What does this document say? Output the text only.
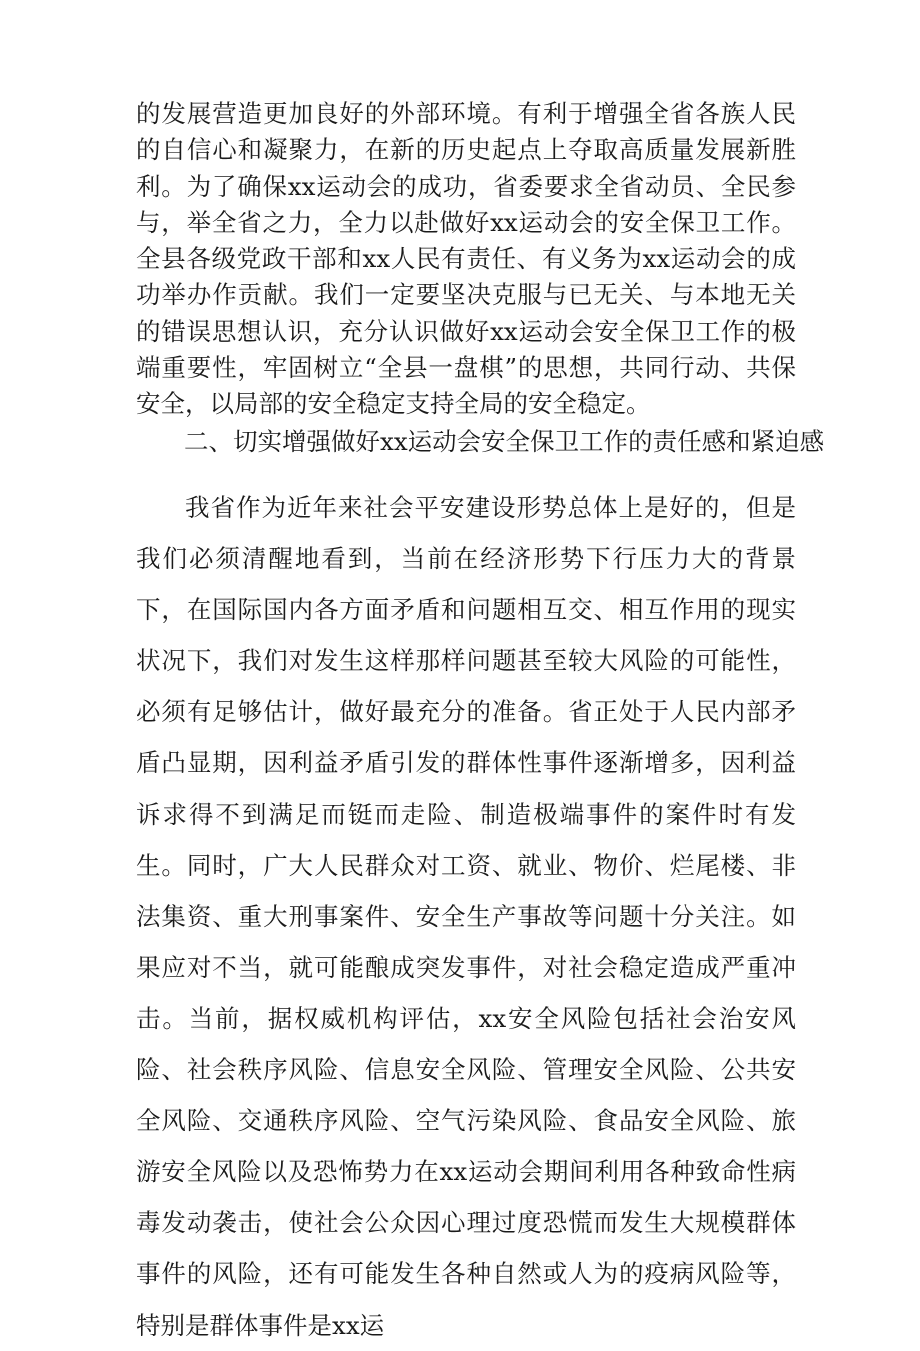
的发展营造更加良好的外部环境。有利于增强全省各族人民的自信心和凝聚力，在新的历史起点上夺取高质量发展新胜利。为了确保xx运动会的成功，省委要求全省动员、全民参与，举全省之力，全力以赴做好xx运动会的安全保卫工作。全县各级党政干部和xx人民有责任、有义务为xx运动会的成功举办作贡献。我们一定要坚决克服与已无关、与本地无关的错误思想认识，充分认识做好xx运动会安全保卫工作的极端重要性，牢固树立“全县一盘棋”的思想，共同行动、共保安全，以局部的安全稳定支持全局的安全稳定。

二、切实增强做好xx运动会安全保卫工作的责任感和紧迫感

我省作为近年来社会平安建设形势总体上是好的，但是我们必须清醒地看到，当前在经济形势下行压力大的背景下，在国际国内各方面矛盾和问题相互交、相互作用的现实状况下，我们对发生这样那样问题甚至较大风险的可能性，必须有足够估计，做好最充分的准备。省正处于人民内部矛盾凸显期，因利益矛盾引发的群体性事件逐渐增多，因利益诉求得不到满足而铤而走险、制造极端事件的案件时有发生。同时，广大人民群众对工资、就业、物价、烂尾楼、非法集资、重大刑事案件、安全生产事故等问题十分关注。如果应对不当，就可能酿成突发事件，对社会稳定造成严重冲击。当前，据权威机构评估，xx安全风险包括社会治安风险、社会秩序风险、信息安全风险、管理安全风险、公共安全风险、交通秩序风险、空气污染风险、食品安全风险、旅游安全风险以及恐怖势力在xx运动会期间利用各种致命性病毒发动袭击，使社会公众因心理过度恐慌而发生大规模群体事件的风险，还有可能发生各种自然或人为的疫病风险等，特别是群体事件是xx运
